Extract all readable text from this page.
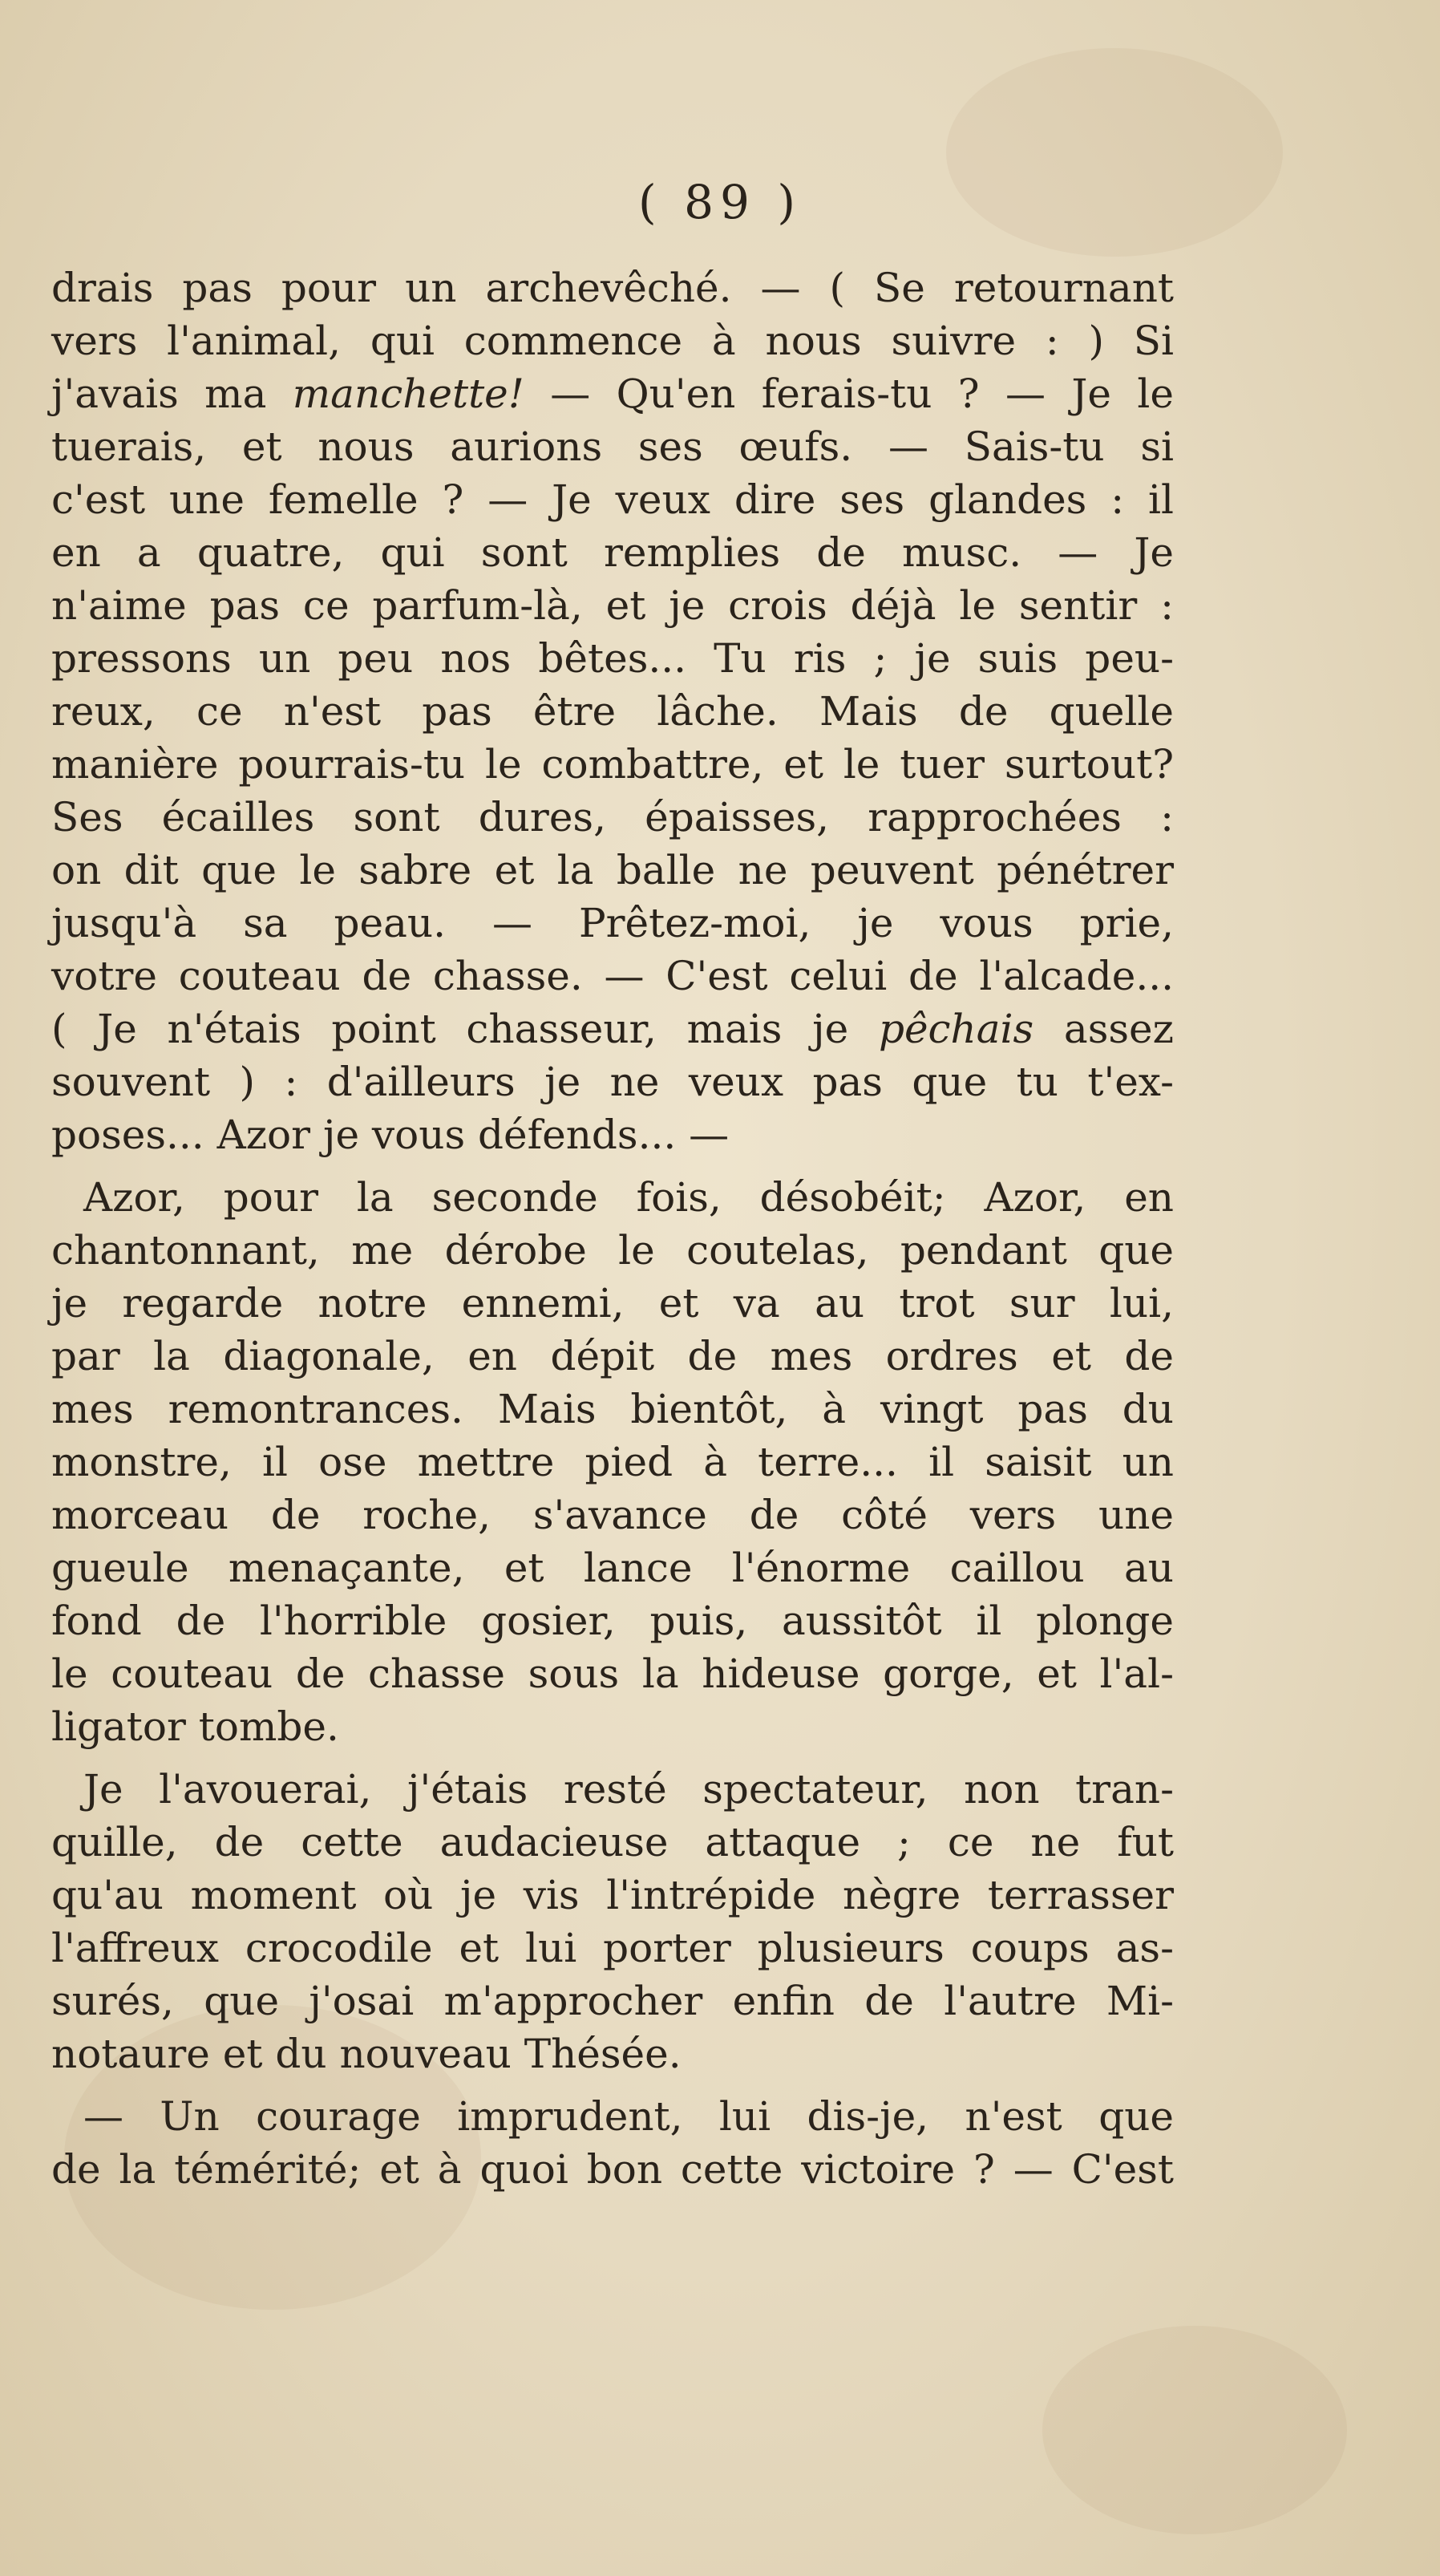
( 89 )
drais pas pour un archevêché. — ( Se retournant
vers l'animal, qui commence à nous suivre : ) Si
j'avais ma manchette! — Qu'en ferais-tu ? — Je le
tuerais, et nous aurions ses œufs. — Sais-tu si
c'est une femelle ? — Je veux dire ses glandes : il
en a quatre, qui sont remplies de musc. — Je
n'aime pas ce parfum-là, et je crois déjà le sentir :
pressons un peu nos bêtes... Tu ris ; je suis peu-
reux, ce n'est pas être lâche. Mais de quelle
manière pourrais-tu le combattre, et le tuer surtout?
Ses écailles sont dures, épaisses, rapprochées :
on dit que le sabre et la balle ne peuvent pénétrer
jusqu'à sa peau. — Prêtez-moi, je vous prie,
votre couteau de chasse. — C'est celui de l'alcade...
( Je n'étais point chasseur, mais je pêchais assez
souvent ) : d'ailleurs je ne veux pas que tu t'ex-
poses... Azor je vous défends... —
Azor, pour la seconde fois, désobéit; Azor, en
chantonnant, me dérobe le coutelas, pendant que
je regarde notre ennemi, et va au trot sur lui,
par la diagonale, en dépit de mes ordres et de
mes remontrances. Mais bientôt, à vingt pas du
monstre, il ose mettre pied à terre... il saisit un
morceau de roche, s'avance de côté vers une
gueule menaçante, et lance l'énorme caillou au
fond de l'horrible gosier, puis, aussitôt il plonge
le couteau de chasse sous la hideuse gorge, et l'al-
ligator tombe.
Je l'avouerai, j'étais resté spectateur, non tran-
quille, de cette audacieuse attaque ; ce ne fut
qu'au moment où je vis l'intrépide nègre terrasser
l'affreux crocodile et lui porter plusieurs coups as-
surés, que j'osai m'approcher enfin de l'autre Mi-
notaure et du nouveau Thésée.
— Un courage imprudent, lui dis-je, n'est que
de la témérité; et à quoi bon cette victoire ? — C'est
